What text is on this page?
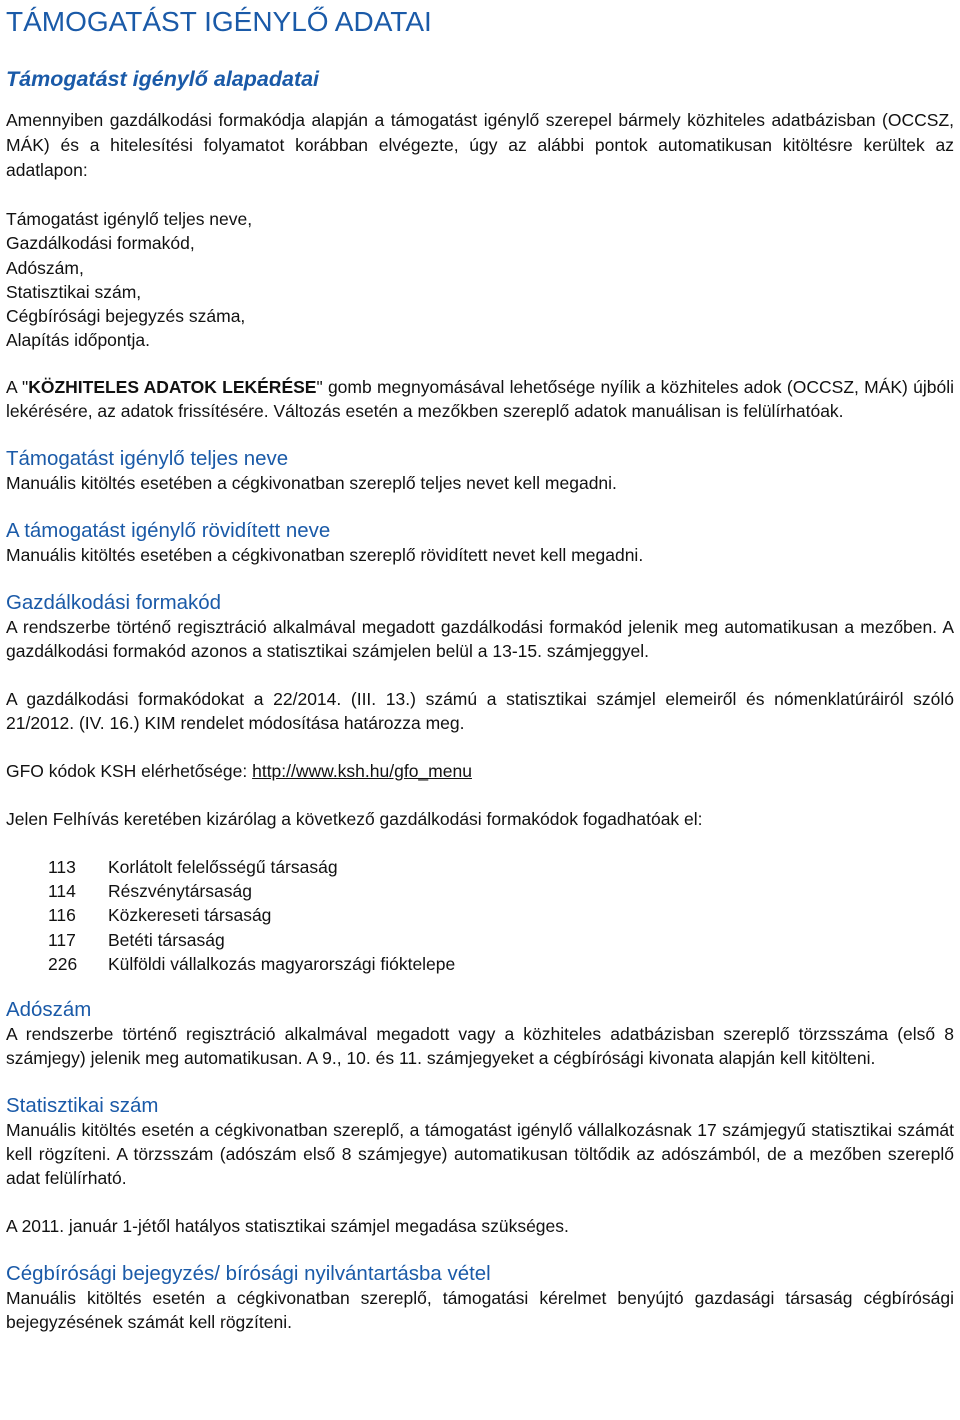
TÁMOGATÁST IGÉNYLŐ ADATAI
Támogatást igénylő alapadatai

Amennyiben gazdálkodási formakódja alapján a támogatást igénylő szerepel bármely közhiteles adatbázisban (OCCSZ, MÁK) és a hitelesítési folyamatot korábban elvégezte, úgy az alábbi pontok automatikusan kitöltésre kerültek az adatlapon:

Támogatást igénylő teljes neve,
Gazdálkodási formakód,
Adószám,
Statisztikai szám,
Cégbírósági bejegyzés száma,
Alapítás időpontja.

A "KÖZHITELES ADATOK LEKÉRÉSE" gomb megnyomásával lehetősége nyílik a közhiteles adok (OCCSZ, MÁK) újbóli lekérésére, az adatok frissítésére. Változás esetén a mezőkben szereplő adatok manuálisan is felülírhatóak.

Támogatást igénylő teljes neve

Manuális kitöltés esetében a cégkivonatban szereplő teljes nevet kell megadni.

A támogatást igénylő rövidített neve

Manuális kitöltés esetében a cégkivonatban szereplő rövidített nevet kell megadni.

Gazdálkodási formakód

A rendszerbe történő regisztráció alkalmával megadott gazdálkodási formakód jelenik meg automatikusan a mezőben. A gazdálkodási formakód azonos a statisztikai számjelen belül a 13-15. számjeggyel.

A gazdálkodási formakódokat a 22/2014. (III. 13.) számú a statisztikai számjel elemeiről és nómenklatúráiról szóló 21/2012. (IV. 16.) KIM rendelet módosítása határozza meg.

GFO kódok KSH elérhetősége: http://www.ksh.hu/gfo_menu

Jelen Felhívás keretében kizárólag a következő gazdálkodási formakódok fogadhatóak el:

113	Korlátolt felelősségű társaság
114	Részvénytársaság
116	Közkereseti társaság
117	Betéti társaság
226	Külföldi vállalkozás magyarországi fióktelepe
Adószám

A rendszerbe történő regisztráció alkalmával megadott vagy a közhiteles adatbázisban szereplő törzsszáma (első 8 számjegy) jelenik meg automatikusan. A 9., 10. és 11. számjegyeket a cégbírósági kivonata alapján kell kitölteni.

Statisztikai szám

Manuális kitöltés esetén a cégkivonatban szereplő, a támogatást igénylő vállalkozásnak 17 számjegyű statisztikai számát kell rögzíteni. A törzsszám (adószám első 8 számjegye) automatikusan töltődik az adószámból, de a mezőben szereplő adat felülírható.

A 2011. január 1-jétől hatályos statisztikai számjel megadása szükséges.

Cégbírósági bejegyzés/ bírósági nyilvántartásba vétel

Manuális kitöltés esetén a cégkivonatban szereplő, támogatási kérelmet benyújtó gazdasági társaság cégbírósági bejegyzésének számát kell rögzíteni.
